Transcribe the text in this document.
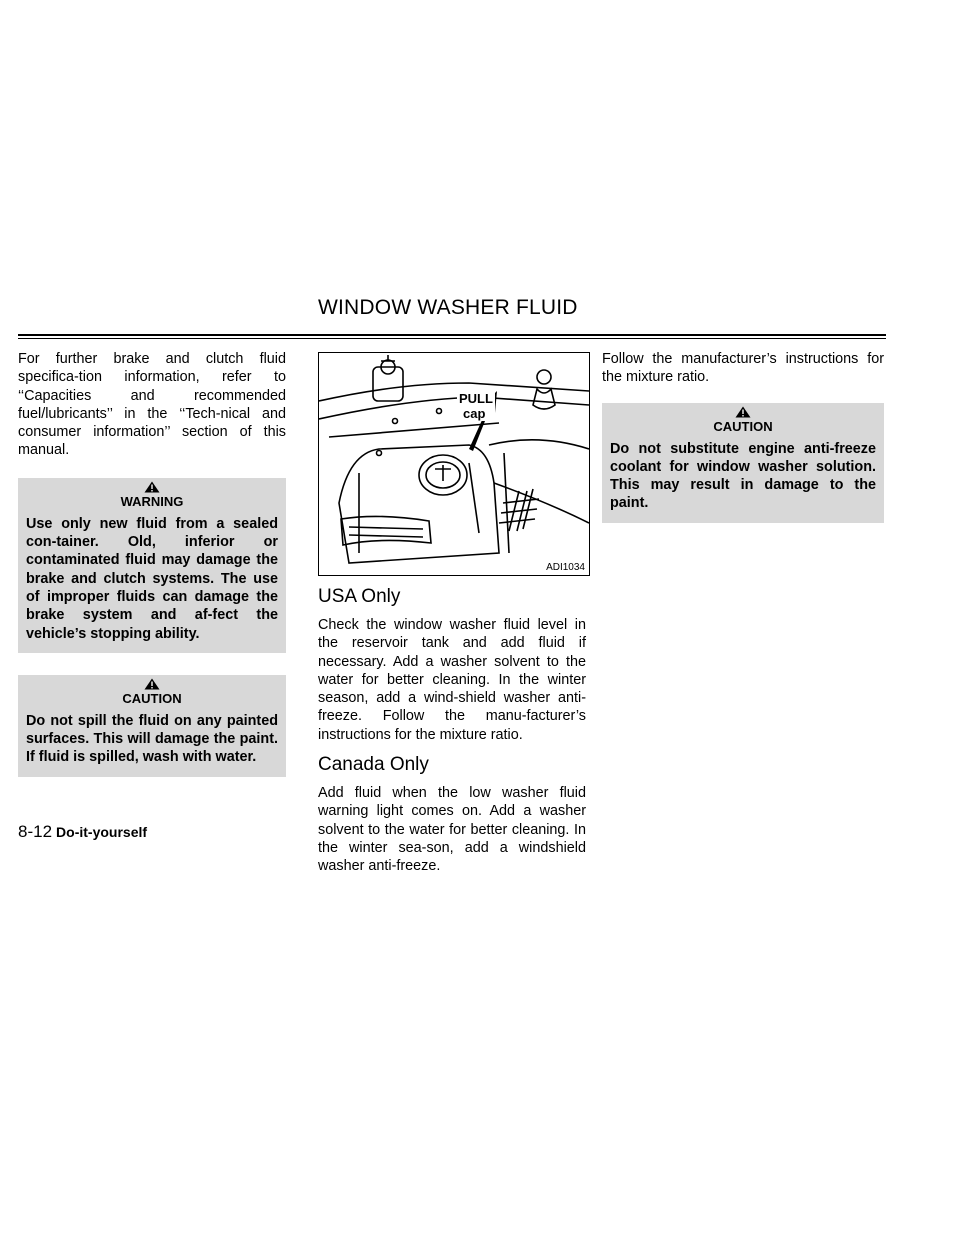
WINDOW WASHER FLUID

For further brake and clutch fluid specifica-tion information, refer to ‘‘Capacities and recommended fuel/lubricants’’ in the ‘‘Tech-nical and consumer information’’ section of this manual.

WARNING
Use only new fluid from a sealed con-tainer. Old, inferior or contaminated fluid may damage the brake and clutch systems. The use of improper fluids can damage the brake system and af-fect the vehicle’s stopping ability.
CAUTION
Do not spill the fluid on any painted surfaces. This will damage the paint. If fluid is spilled, wash with water.
PULL
cap
ADI1034
USA Only

Check the window washer fluid level in the reservoir tank and add fluid if necessary. Add a washer solvent to the water for better cleaning. In the winter season, add a wind-shield washer anti-freeze. Follow the manu-facturer’s instructions for the mixture ratio.

Canada Only

Add fluid when the low washer fluid warning light comes on. Add a washer solvent to the water for better cleaning. In the winter sea-son, add a windshield washer anti-freeze.

Follow the manufacturer’s instructions for the mixture ratio.

CAUTION
Do not substitute engine anti-freeze coolant for window washer solution. This may result in damage to the paint.
8-12 Do-it-yourself
